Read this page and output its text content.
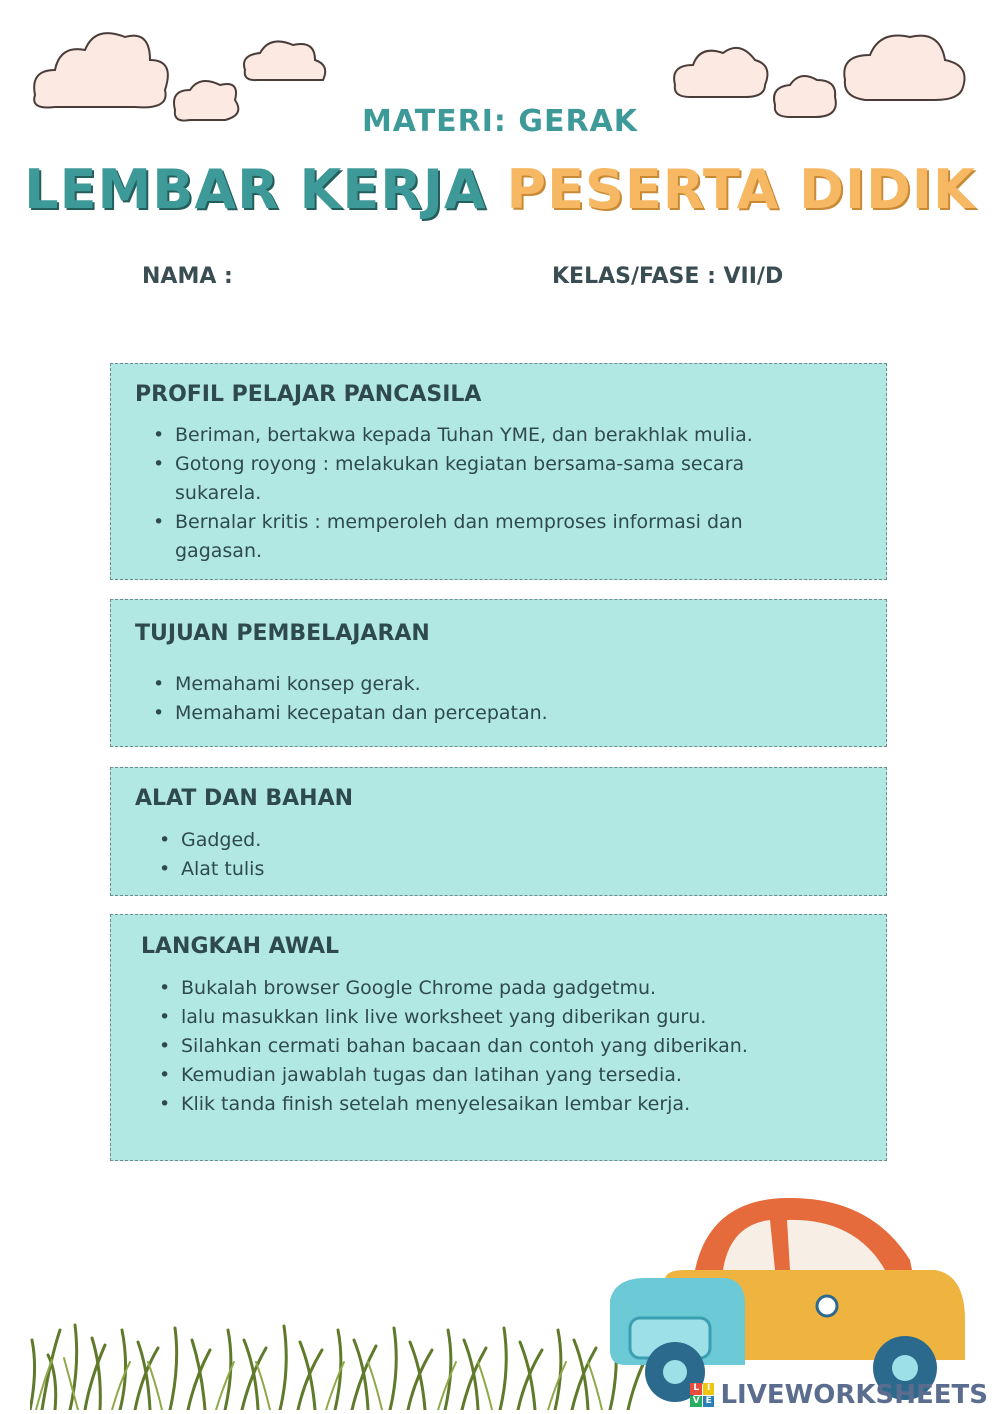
MATERI: GERAK
LEMBAR KERJA PESERTA DIDIK
NAMA :	KELAS/FASE : VII/D
PROFIL PELAJAR PANCASILA
• Beriman, bertakwa kepada Tuhan YME, dan berakhlak mulia.
• Gotong royong : melakukan kegiatan bersama-sama secara sukarela.
• Bernalar kritis : memperoleh dan memproses informasi dan gagasan.
TUJUAN PEMBELAJARAN
• Memahami konsep gerak.
• Memahami kecepatan dan percepatan.
ALAT DAN BAHAN
• Gadged.
• Alat tulis
LANGKAH AWAL
• Bukalah browser Google Chrome pada gadgetmu.
• lalu masukkan link live worksheet yang diberikan guru.
• Silahkan cermati bahan bacaan dan contoh yang diberikan.
• Kemudian jawablah tugas dan latihan yang tersedia.
• Klik tanda finish setelah menyelesaikan lembar kerja.
L I
V E LIVEWORKSHEETS
